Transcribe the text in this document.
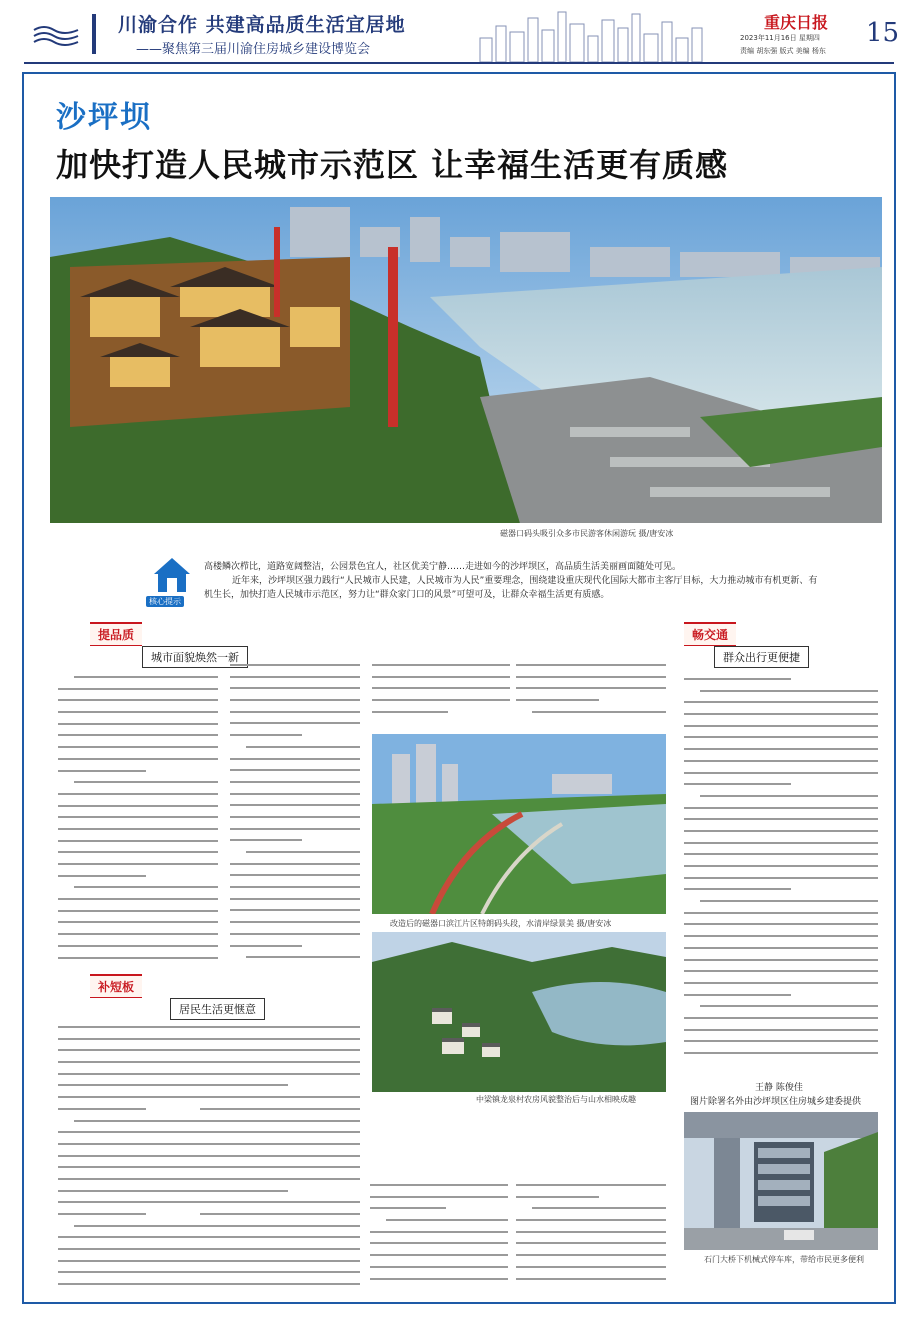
川渝合作 共建高品质生活宜居地
——聚焦第三届川渝住房城乡建设博览会
重庆日报
2023年11月16日 星期四
责编 胡东强 版式 美编 杨东
15
沙坪坝
加快打造人民城市示范区 让幸福生活更有质感
磁器口码头吸引众多市民游客休闲游玩 摄/唐安冰
核心提示
高楼鳞次栉比，道路宽阔整洁，公园景色宜人，社区优美宁静……走进如今的沙坪坝区，高品质生活美丽画面随处可见。
近年来，沙坪坝区强力践行“人民城市人民建，人民城市为人民”重要理念，围绕建设重庆现代化国际大都市主客厅目标，大力推动城市有机更新、有
机生长，加快打造人民城市示范区，努力让“群众家门口的风景”可望可及，让群众幸福生活更有质感。
提品质
城市面貌焕然一新
补短板
居民生活更惬意
畅交通
群众出行更便捷
改造后的磁器口滨江片区特朗码头段，水清岸绿景美 摄/唐安冰
中梁镇龙泉村农房风貌整治后与山水相映成趣
石门大桥下机械式停车库，带给市民更多便利
王静 陈俊佳
图片除署名外由沙坪坝区住房城乡建委提供
